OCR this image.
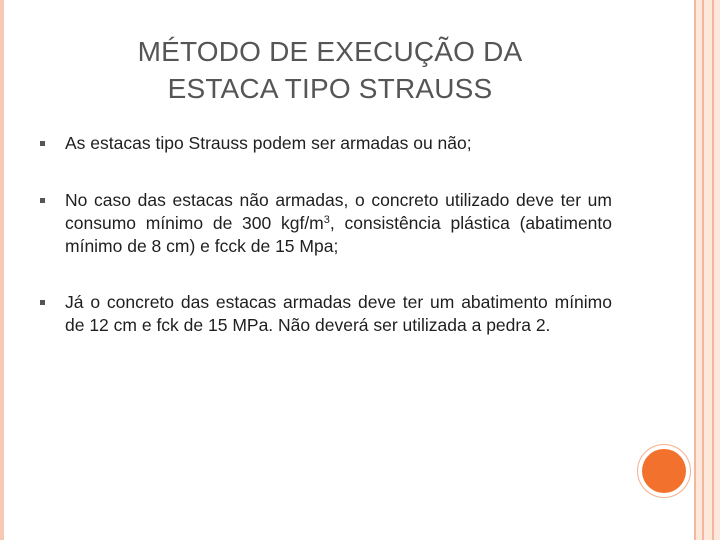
MÉTODO DE EXECUÇÃO DA
ESTACA TIPO STRAUSS
As estacas tipo Strauss podem ser armadas ou não;
No caso das estacas não armadas, o concreto utilizado deve ter um consumo mínimo de 300 kgf/$m^3$, consistência plástica (abatimento mínimo de 8 cm) e fcck de 15 Mpa;
Já o concreto das estacas armadas deve ter um abatimento mínimo de 12 cm e fck de 15 MPa. Não deverá ser utilizada a pedra 2.
